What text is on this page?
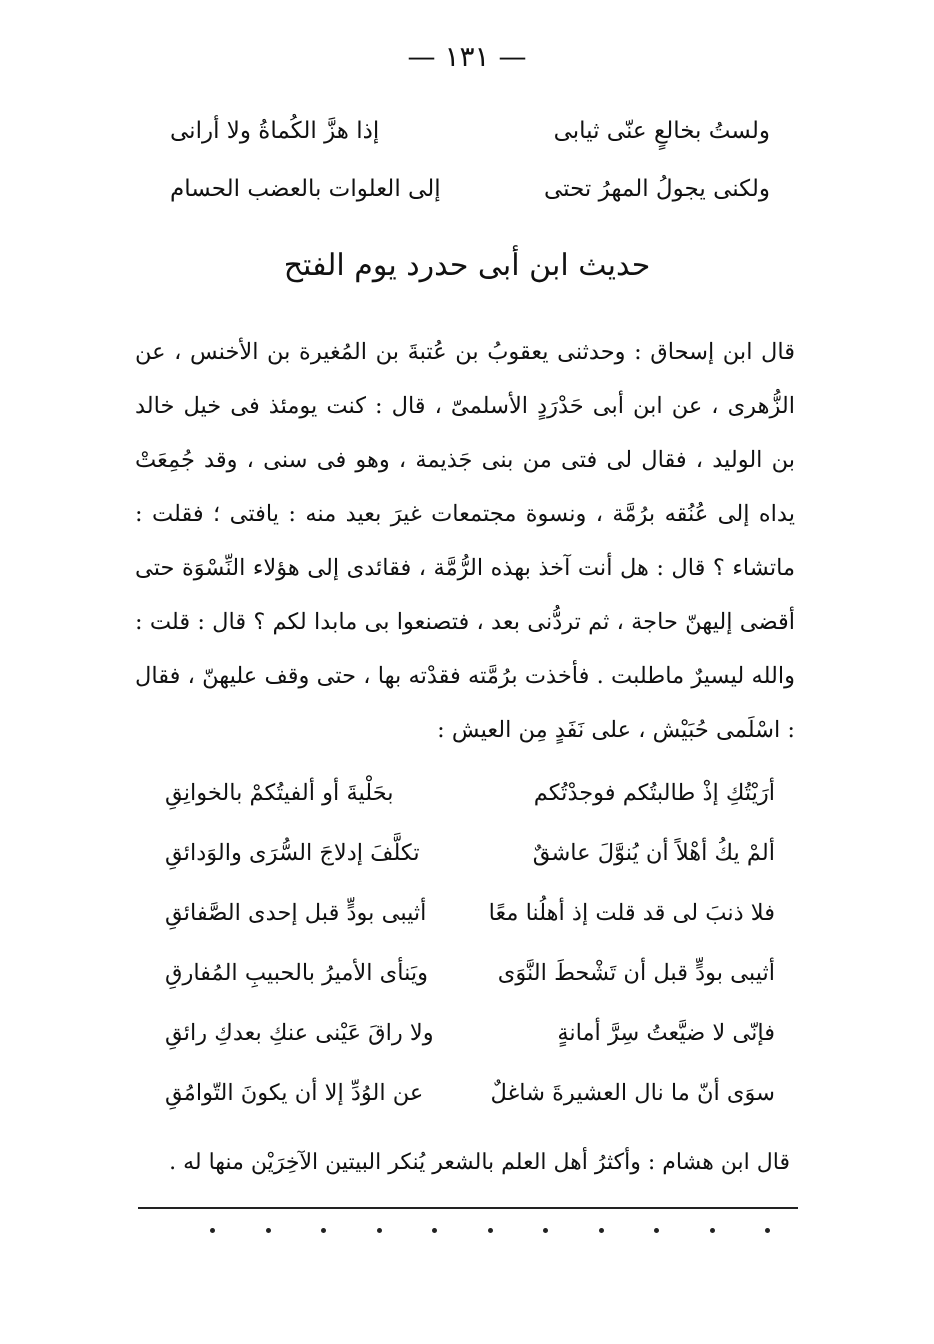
— ١٣١ —
ولستُ بخالعٍ عنّى ثيابى
إذا هزَّ الكُماةُ ولا أرانى
ولكنى يجولُ المهرُ تحتى
إلى العلوات بالعضب الحسام
حديث ابن أبى حدرد يوم الفتح

قال ابن إسحاق : وحدثنى يعقوبُ بن عُتبةَ بن المُغيرة بن الأخنس ، عن الزُّهرى ، عن ابن أبى حَدْرَدٍ الأسلمىّ ، قال : كنت يومئذ فى خيل خالد بن الوليد ، فقال لى فتى من بنى جَذيمة ، وهو فى سنى ، وقد جُمِعَتْ يداه إلى عُنُقه برُمَّة ، ونسوة مجتمعات غيرَ بعيد منه : يافتى ؛ فقلت : ماتشاء ؟ قال : هل أنت آخذ بهذه الرُّمَّة ، فقائدى إلى هؤلاء النِّسْوَة حتى أقضى إليهنّ حاجة ، ثم تردُّنى بعد ، فتصنعوا بى مابدا لكم ؟ قال : قلت : والله ليسيرٌ ماطلبت . فأخذت برُمَّته فقدْته بها ، حتى وقف عليهنّ ، فقال : اسْلَمى حُبَيْش ، على نَفَدٍ مِن العيش :

أرَيْتُكِ إذْ طالبتُكم فوجدْتُكم
بحَلْيةَ أو ألفيتُكمْ بالخوانِقِ
ألمْ يكُ أهْلاً أن يُنوَّلَ عاشقٌ
تكلَّفَ إدلاجَ السُّرَى والوَدائقِ
فلا ذنبَ لى قد قلت إذ أهلُنا معًا
أثيبى بودٍّ قبل إحدى الصَّفائقِ
أثيبى بودٍّ قبل أن تَشْحطَ النَّوَى
ويَنأى الأميرُ بالحبيبِ المُفارقِ
فإنّى لا ضيَّعتُ سِرَّ أمانةٍ
ولا راقَ عَيْنى عنكِ بعدكِ رائقِ
سوَى أنّ ما نال العشيرةَ شاغلٌ
عن الوُدِّ إلا أن يكونَ التّوامُقِ
قال ابن هشام : وأكثرُ أهل العلم بالشعر يُنكر البيتين الآخِرَيْن منها له .
